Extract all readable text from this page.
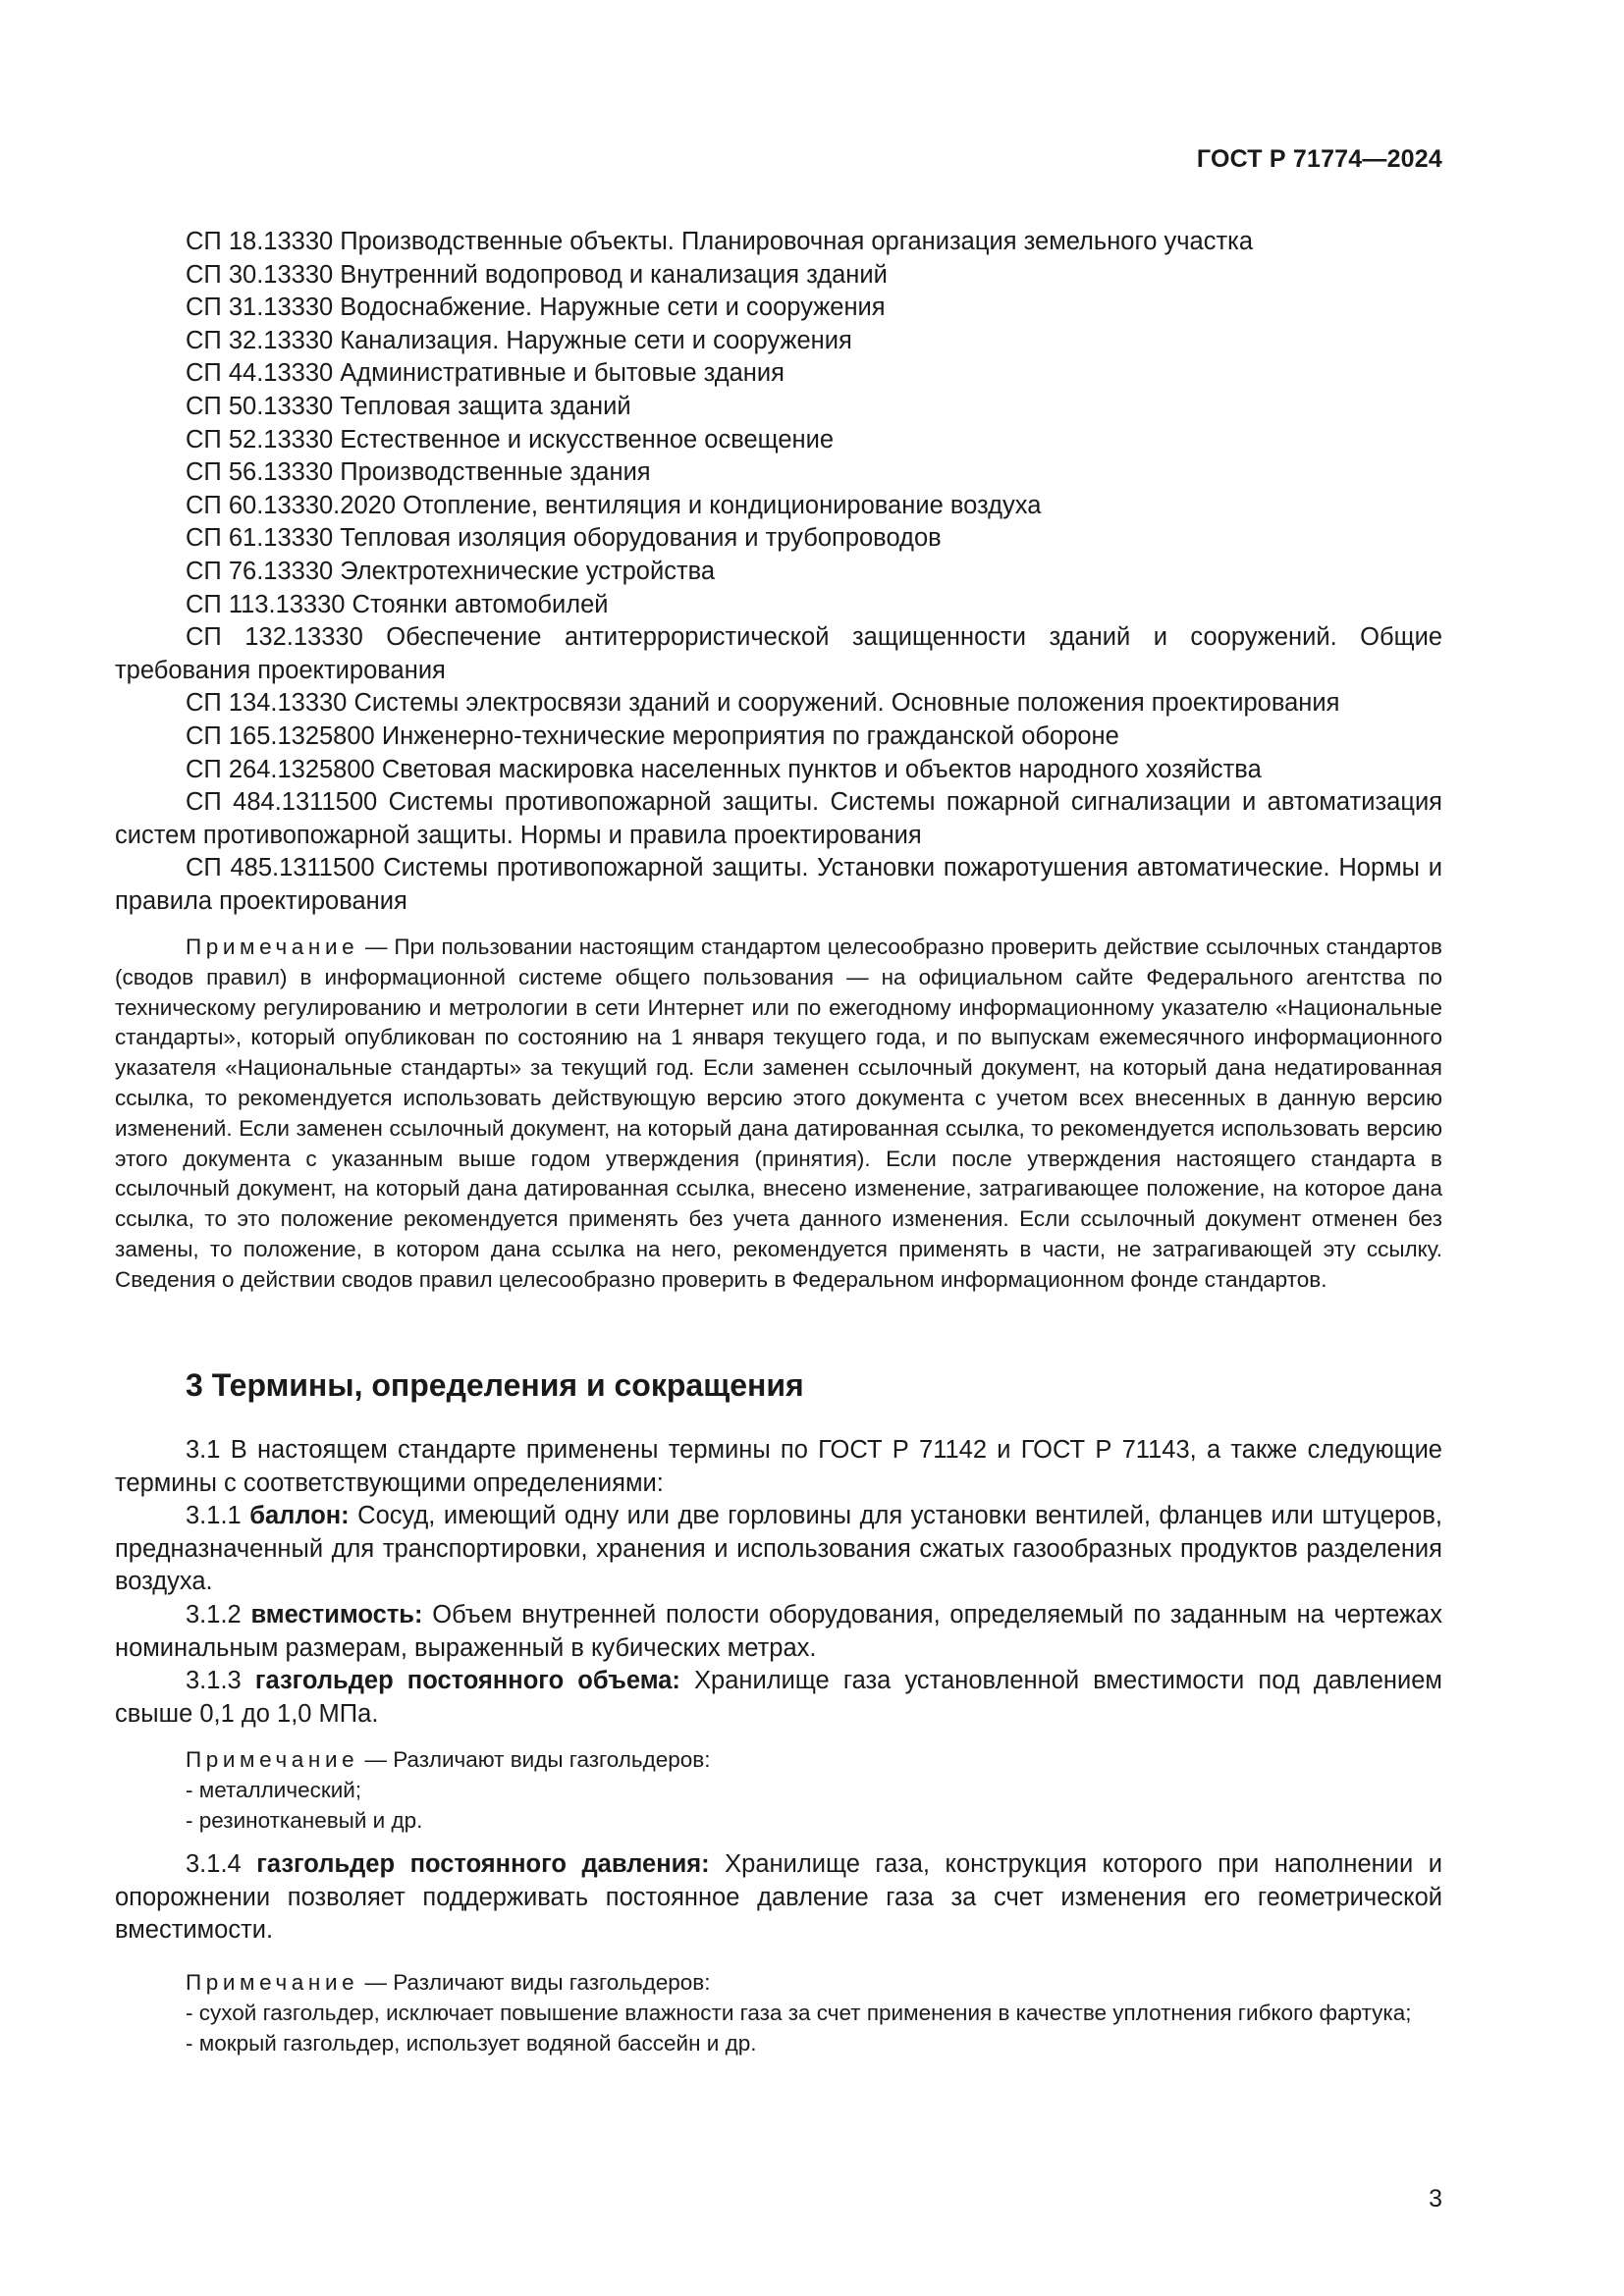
ГОСТ Р 71774—2024

СП 18.13330 Производственные объекты. Планировочная организация земельного участка

СП 30.13330 Внутренний водопровод и канализация зданий

СП 31.13330 Водоснабжение. Наружные сети и сооружения

СП 32.13330 Канализация. Наружные сети и сооружения

СП 44.13330 Административные и бытовые здания

СП 50.13330 Тепловая защита зданий

СП 52.13330 Естественное и искусственное освещение

СП 56.13330 Производственные здания

СП 60.13330.2020 Отопление, вентиляция и кондиционирование воздуха

СП 61.13330 Тепловая изоляция оборудования и трубопроводов

СП 76.13330 Электротехнические устройства

СП 113.13330 Стоянки автомобилей

СП 132.13330 Обеспечение антитеррористической защищенности зданий и сооружений. Общие требования проектирования

СП 134.13330 Системы электросвязи зданий и сооружений. Основные положения проектирования

СП 165.1325800 Инженерно-технические мероприятия по гражданской обороне

СП 264.1325800 Световая маскировка населенных пунктов и объектов народного хозяйства

СП 484.1311500 Системы противопожарной защиты. Системы пожарной сигнализации и автоматизация систем противопожарной защиты. Нормы и правила проектирования

СП 485.1311500 Системы противопожарной защиты. Установки пожаротушения автоматические. Нормы и правила проектирования

Примечание — При пользовании настоящим стандартом целесообразно проверить действие ссылочных стандартов (сводов правил) в информационной системе общего пользования — на официальном сайте Федерального агентства по техническому регулированию и метрологии в сети Интернет или по ежегодному информационному указателю «Национальные стандарты», который опубликован по состоянию на 1 января текущего года, и по выпускам ежемесячного информационного указателя «Национальные стандарты» за текущий год. Если заменен ссылочный документ, на который дана недатированная ссылка, то рекомендуется использовать действующую версию этого документа с учетом всех внесенных в данную версию изменений. Если заменен ссылочный документ, на который дана датированная ссылка, то рекомендуется использовать версию этого документа с указанным выше годом утверждения (принятия). Если после утверждения настоящего стандарта в ссылочный документ, на который дана датированная ссылка, внесено изменение, затрагивающее положение, на которое дана ссылка, то это положение рекомендуется применять без учета данного изменения. Если ссылочный документ отменен без замены, то положение, в котором дана ссылка на него, рекомендуется применять в части, не затрагивающей эту ссылку. Сведения о действии сводов правил целесообразно проверить в Федеральном информационном фонде стандартов.

3 Термины, определения и сокращения

3.1 В настоящем стандарте применены термины по ГОСТ Р 71142 и ГОСТ Р 71143, а также следующие термины с соответствующими определениями:

3.1.1 баллон: Сосуд, имеющий одну или две горловины для установки вентилей, фланцев или штуцеров, предназначенный для транспортировки, хранения и использования сжатых газообразных продуктов разделения воздуха.

3.1.2 вместимость: Объем внутренней полости оборудования, определяемый по заданным на чертежах номинальным размерам, выраженный в кубических метрах.

3.1.3 газгольдер постоянного объема: Хранилище газа установленной вместимости под давлением свыше 0,1 до 1,0 МПа.

Примечание — Различают виды газгольдеров:

- металлический;

- резинотканевый и др.

3.1.4 газгольдер постоянного давления: Хранилище газа, конструкция которого при наполнении и опорожнении позволяет поддерживать постоянное давление газа за счет изменения его геометрической вместимости.

Примечание — Различают виды газгольдеров:

- сухой газгольдер, исключает повышение влажности газа за счет применения в качестве уплотнения гибкого фартука;

- мокрый газгольдер, использует водяной бассейн и др.

3
